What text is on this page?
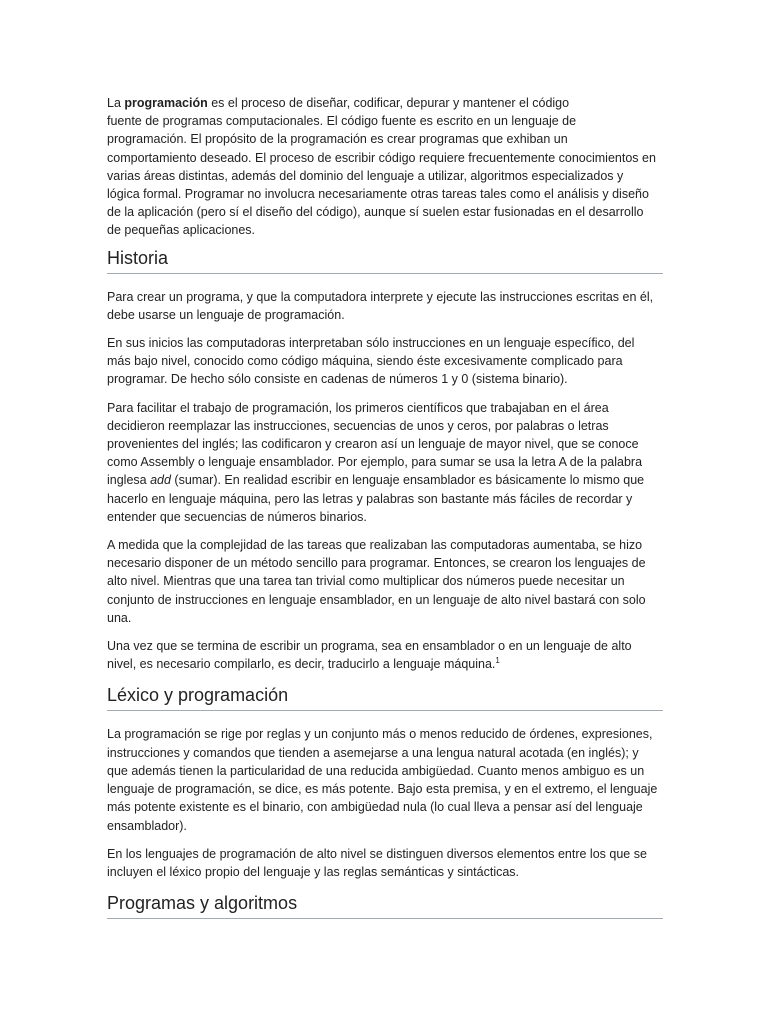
La programación es el proceso de diseñar, codificar, depurar y mantener el código
fuente de programas computacionales. El código fuente es escrito en un lenguaje de
programación. El propósito de la programación es crear programas que exhiban un
comportamiento deseado. El proceso de escribir código requiere frecuentemente conocimientos en
varias áreas distintas, además del dominio del lenguaje a utilizar, algoritmos especializados y
lógica formal. Programar no involucra necesariamente otras tareas tales como el análisis y diseño
de la aplicación (pero sí el diseño del código), aunque sí suelen estar fusionadas en el desarrollo
de pequeñas aplicaciones.

Historia

Para crear un programa, y que la computadora interprete y ejecute las instrucciones escritas en él,
debe usarse un lenguaje de programación.

En sus inicios las computadoras interpretaban sólo instrucciones en un lenguaje específico, del
más bajo nivel, conocido como código máquina, siendo éste excesivamente complicado para
programar. De hecho sólo consiste en cadenas de números 1 y 0 (sistema binario).

Para facilitar el trabajo de programación, los primeros científicos que trabajaban en el área
decidieron reemplazar las instrucciones, secuencias de unos y ceros, por palabras o letras
provenientes del inglés; las codificaron y crearon así un lenguaje de mayor nivel, que se conoce
como Assembly o lenguaje ensamblador. Por ejemplo, para sumar se usa la letra A de la palabra
inglesa add (sumar). En realidad escribir en lenguaje ensamblador es básicamente lo mismo que
hacerlo en lenguaje máquina, pero las letras y palabras son bastante más fáciles de recordar y
entender que secuencias de números binarios.

A medida que la complejidad de las tareas que realizaban las computadoras aumentaba, se hizo
necesario disponer de un método sencillo para programar. Entonces, se crearon los lenguajes de
alto nivel. Mientras que una tarea tan trivial como multiplicar dos números puede necesitar un
conjunto de instrucciones en lenguaje ensamblador, en un lenguaje de alto nivel bastará con solo
una.

Una vez que se termina de escribir un programa, sea en ensamblador o en un lenguaje de alto
nivel, es necesario compilarlo, es decir, traducirlo a lenguaje máquina.$^1$

Léxico y programación

La programación se rige por reglas y un conjunto más o menos reducido de órdenes, expresiones,
instrucciones y comandos que tienden a asemejarse a una lengua natural acotada (en inglés); y
que además tienen la particularidad de una reducida ambigüedad. Cuanto menos ambiguo es un
lenguaje de programación, se dice, es más potente. Bajo esta premisa, y en el extremo, el lenguaje
más potente existente es el binario, con ambigüedad nula (lo cual lleva a pensar así del lenguaje
ensamblador).

En los lenguajes de programación de alto nivel se distinguen diversos elementos entre los que se
incluyen el léxico propio del lenguaje y las reglas semánticas y sintácticas.

Programas y algoritmos
